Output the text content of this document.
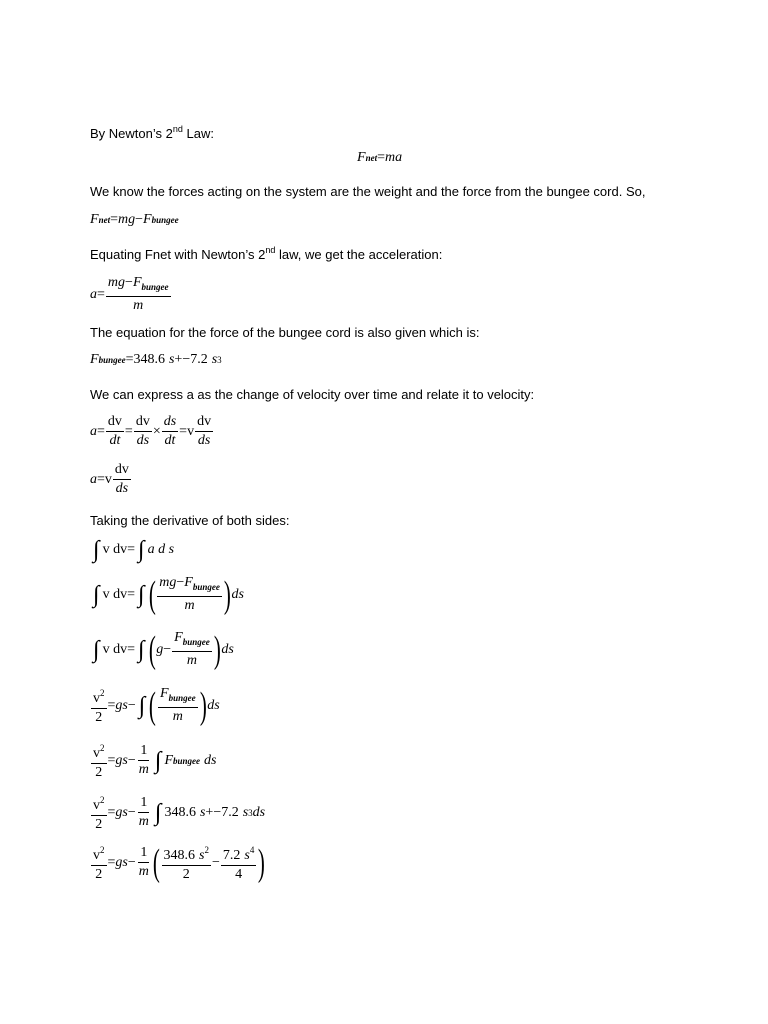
By Newton’s 2nd Law:
F net = ma
We know the forces acting on the system are the weight and the force from the bungee cord. So,
F net = mg − F bungee
Equating Fnet with Newton’s 2nd law, we get the acceleration:
$a = \frac{mg-F_{bungee}}{m}$
The equation for the force of the bungee cord is also given which is:
F bungee = 348.6 s +− 7.2 s 3
We can express a as the change of velocity over time and relate it to velocity:
$a = \frac{dv}{dt} = \frac{dv}{ds} \times \frac{ds}{dt} = v \frac{dv}{ds}$
a = v $\frac{dv}{ds}$
Taking the derivative of both sides:
∫ v dv = ∫ a d s
∫ v dv = ∫ ( $\frac{mg-F_{bungee}}{m}$ ) ds
∫ v dv = ∫ ( $g - \frac{F_{bungee}}{m}$ ) ds
$\frac{v^2}{2}$ = gs − ∫ ( $\frac{F_{bungee}}{m}$ ) ds
$\frac{v^2}{2}$ = gs − $\frac{1}{m}$ ∫ F bungee ds
$\frac{v^2}{2}$ = gs − $\frac{1}{m}$ ∫ 348.6 s +− 7.2 s 3 ds
$\frac{v^2}{2}$ = gs − $\frac{1}{m}$ ( $\frac{348.6 s^2}{2} - \frac{7.2 s^4}{4}$ )
